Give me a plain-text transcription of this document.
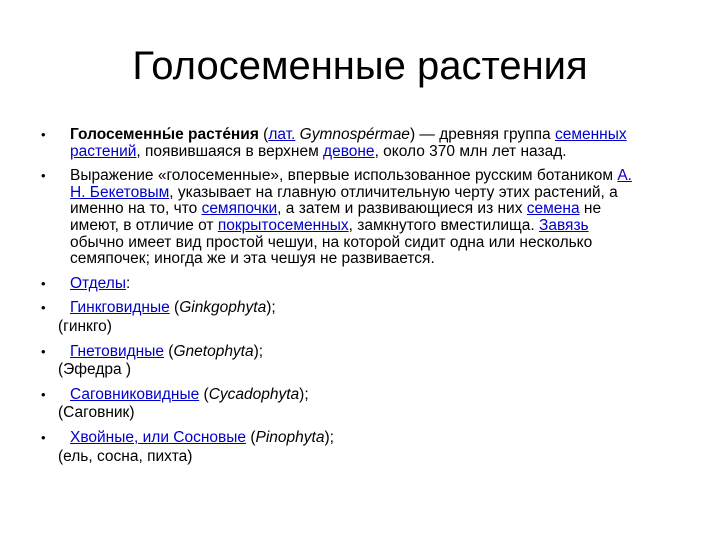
Голосеменные растения
• Голосеменны́е расте́ния (лат. Gymnospérmae) — древняя группа семенных растений, появившаяся в верхнем девоне, около 370 млн лет назад.
• Выражение «голосеменные», впервые использованное русским ботаником А. Н. Бекетовым, указывает на главную отличительную черту этих растений, а именно на то, что семяпочки, а затем и развивающиеся из них семена не имеют, в отличие от покрытосеменных, замкнутого вместилища. Завязь обычно имеет вид простой чешуи, на которой сидит одна или несколько семяпочек; иногда же и эта чешуя не развивается.
• Отделы:
• Гинкговидные (Ginkgophyta);
(гинкго)
• Гнетовидные (Gnetophyta);
(Эфедра )
• Саговниковидные (Cycadophyta);
(Саговник)
• Хвойные, или Сосновые (Pinophyta);
(ель, сосна, пихта)
